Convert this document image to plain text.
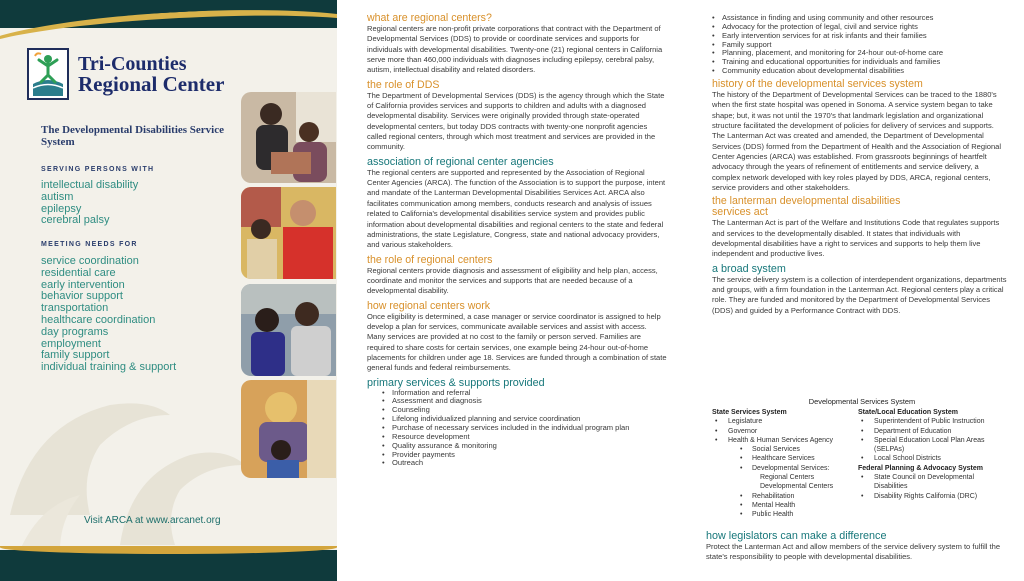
Tri-Counties
Regional Center
The Developmental Disabilities Service System
SERVING PERSONS WITH
intellectual disability
autism
epilepsy
cerebral palsy
MEETING NEEDS FOR
service coordination
residential care
early intervention
behavior support
transportation
healthcare coordination
day programs
employment
family support
individual training & support
Visit ARCA at www.arcanet.org
what are regional centers?

Regional centers are non-profit private corporations that contract with the Department of Developmental Services (DDS) to provide or coordinate services and supports for individuals with developmental disabilities. Twenty-one (21) regional centers in California serve more than 460,000 individuals with diagnoses including epilepsy, cerebral palsy, autism, intellectual disability and related disorders.

the role of DDS

The Department of Developmental Services (DDS) is the agency through which the State of California provides services and supports to children and adults with a diagnosed developmental disability. Services were originally provided through state-operated developmental centers, but today DDS contracts with twenty-one nonprofit agencies called regional centers, through which most treatment and services are provided in the community.

association of regional center agencies

The regional centers are supported and represented by the Association of Regional Center Agencies (ARCA). The function of the Association is to support the purpose, intent and mandate of the Lanterman Developmental Disabilities Services Act. ARCA also facilitates communication among members, conducts research and analysis of issues related to California's developmental disabilities service system and provides public information about developmental disabilities and regional centers to the state and federal administrations, the state Legislature, Congress, state and national advocacy providers, and various stakeholders.

the role of regional centers

Regional centers provide diagnosis and assessment of eligibility and help plan, access, coordinate and monitor the services and supports that are needed because of a developmental disability.

how regional centers work

Once eligibility is determined, a case manager or service coordinator is assigned to help develop a plan for services, communicate available services and assist with access. Many services are provided at no cost to the family or person served. Families are required to share costs for certain services, one example being 24-hour out-of-home placements for children under age 18. Services are funded through a combination of state general funds and federal reimbursements.

primary services & supports provided
• Information and referral
• Assessment and diagnosis
• Counseling
• Lifelong individualized planning and service coordination
• Purchase of necessary services included in the individual program plan
• Resource development
• Quality assurance & monitoring
• Provider payments
• Outreach
• Assistance in finding and using community and other resources
• Advocacy for the protection of legal, civil and service rights
• Early intervention services for at risk infants and their families
• Family support
• Planning, placement, and monitoring for 24-hour out-of-home care
• Training and educational opportunities for individuals and families
• Community education about developmental disabilities
history of the developmental services system

The history of the Department of Developmental Services can be traced to the 1880's when the first state hospital was opened in Sonoma. A service system began to take shape; but, it was not until the 1970's that landmark legislation and organizational structure facilitated the development of policies for delivery of services and supports. The Lanterman Act was created and amended, the Department of Developmental Services (DDS) formed from the Department of Health and the Association of Regional Center Agencies (ARCA) was established. From grassroots beginnings of heartfelt advocacy through the years of refinement of entitlements and service delivery, a complex network developed with key roles played by DDS, ARCA, regional centers, service providers and other stakeholders.

the lanterman developmental disabilities
services act

The Lanterman Act is part of the Welfare and Institutions Code that regulates supports and services to the developmentally disabled. It states that individuals with developmental disabilities have a right to services and supports to help them live independent and productive lives.

a broad system

The service delivery system is a collection of interdependent organizations, departments and groups, with a firm foundation in the Lanterman Act. Regional centers play a critical role. They are funded and monitored by the Department of Developmental Services (DDS) and guided by a Performance Contract with DDS.

Developmental Services System
State Services System
• Legislature
• Governor
• Health & Human Services Agency
• Social Services
• Healthcare Services
• Developmental Services:
Regional Centers
Developmental Centers
• Rehabilitation
• Mental Health
• Public Health
State/Local Education System
• Superintendent of Public Instruction
• Department of Education
• Special Education Local Plan Areas (SELPAs)
• Local School Districts
Federal Planning & Advocacy System
• State Council on Developmental Disabilities
• Disability Rights California (DRC)
how legislators can make a difference

Protect the Lanterman Act and allow members of the service delivery system to fulfill the state's responsibility to people with developmental disabilities.
